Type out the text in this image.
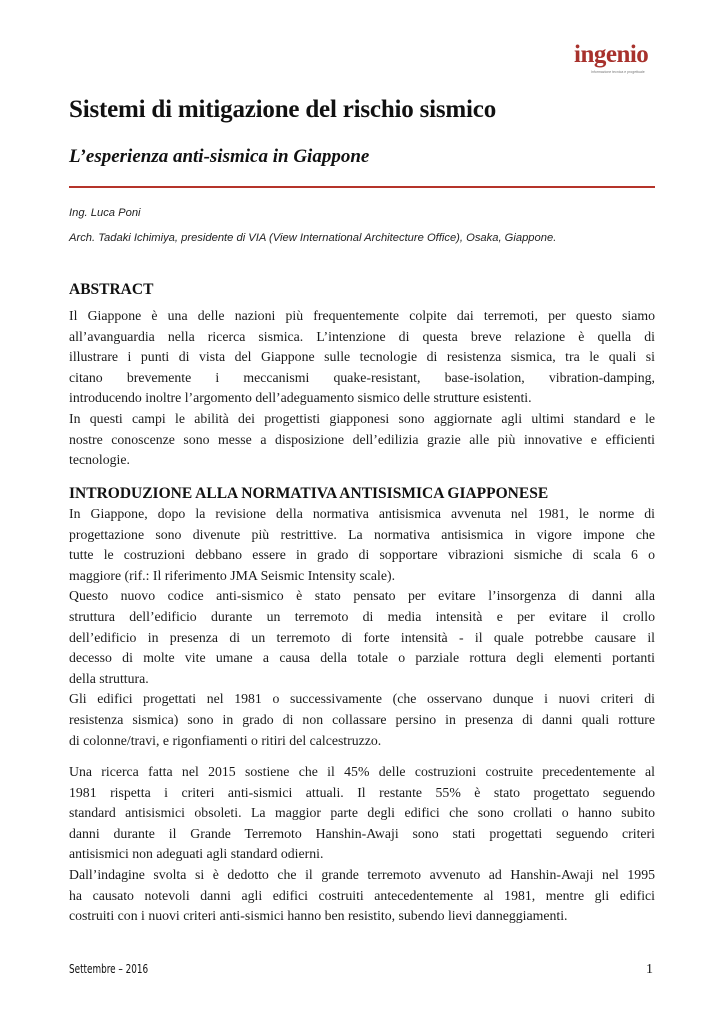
ingenio
Informazione tecnica e progettuale
Sistemi di mitigazione del rischio sismico
L’esperienza anti-sismica in Giappone
Ing. Luca Poni
Arch. Tadaki Ichimiya, presidente di VIA (View International Architecture Office), Osaka, Giappone.
ABSTRACT
Il Giappone è una delle nazioni più frequentemente colpite dai terremoti, per questo siamo
all’avanguardia nella ricerca sismica. L’intenzione di questa breve relazione è quella di
illustrare i punti di vista del Giappone sulle tecnologie di resistenza sismica, tra le quali si
citano brevemente i meccanismi quake-resistant, base-isolation, vibration-damping,
introducendo inoltre l’argomento dell’adeguamento sismico delle strutture esistenti.
In questi campi le abilità dei progettisti giapponesi sono aggiornate agli ultimi standard e le
nostre conoscenze sono messe a disposizione dell’edilizia grazie alle più innovative e efficienti
tecnologie.
INTRODUZIONE ALLA NORMATIVA ANTISISMICA GIAPPONESE
In Giappone, dopo la revisione della normativa antisismica avvenuta nel 1981, le norme di
progettazione sono divenute più restrittive. La normativa antisismica in vigore impone che
tutte le costruzioni debbano essere in grado di sopportare vibrazioni sismiche di scala 6 o
maggiore (rif.: Il riferimento JMA Seismic Intensity scale).
Questo nuovo codice anti-sismico è stato pensato per evitare l’insorgenza di danni alla
struttura dell’edificio durante un terremoto di media intensità e per evitare il crollo
dell’edificio in presenza di un terremoto di forte intensità - il quale potrebbe causare il
decesso di molte vite umane a causa della totale o parziale rottura degli elementi portanti
della struttura.
Gli edifici progettati nel 1981 o successivamente (che osservano dunque i nuovi criteri di
resistenza sismica) sono in grado di non collassare persino in presenza di danni quali rotture
di colonne/travi, e rigonfiamenti o ritiri del calcestruzzo.
Una ricerca fatta nel 2015 sostiene che il 45% delle costruzioni costruite precedentemente al
1981 rispetta i criteri anti-sismici attuali. Il restante 55% è stato progettato seguendo
standard antisismici obsoleti. La maggior parte degli edifici che sono crollati o hanno subito
danni durante il Grande Terremoto Hanshin-Awaji sono stati progettati seguendo criteri
antisismici non adeguati agli standard odierni.
Dall’indagine svolta si è dedotto che il grande terremoto avvenuto ad Hanshin-Awaji nel 1995
ha causato notevoli danni agli edifici costruiti antecedentemente al 1981, mentre gli edifici
costruiti con i nuovi criteri anti-sismici hanno ben resistito, subendo lievi danneggiamenti.
Settembre – 2016	1
